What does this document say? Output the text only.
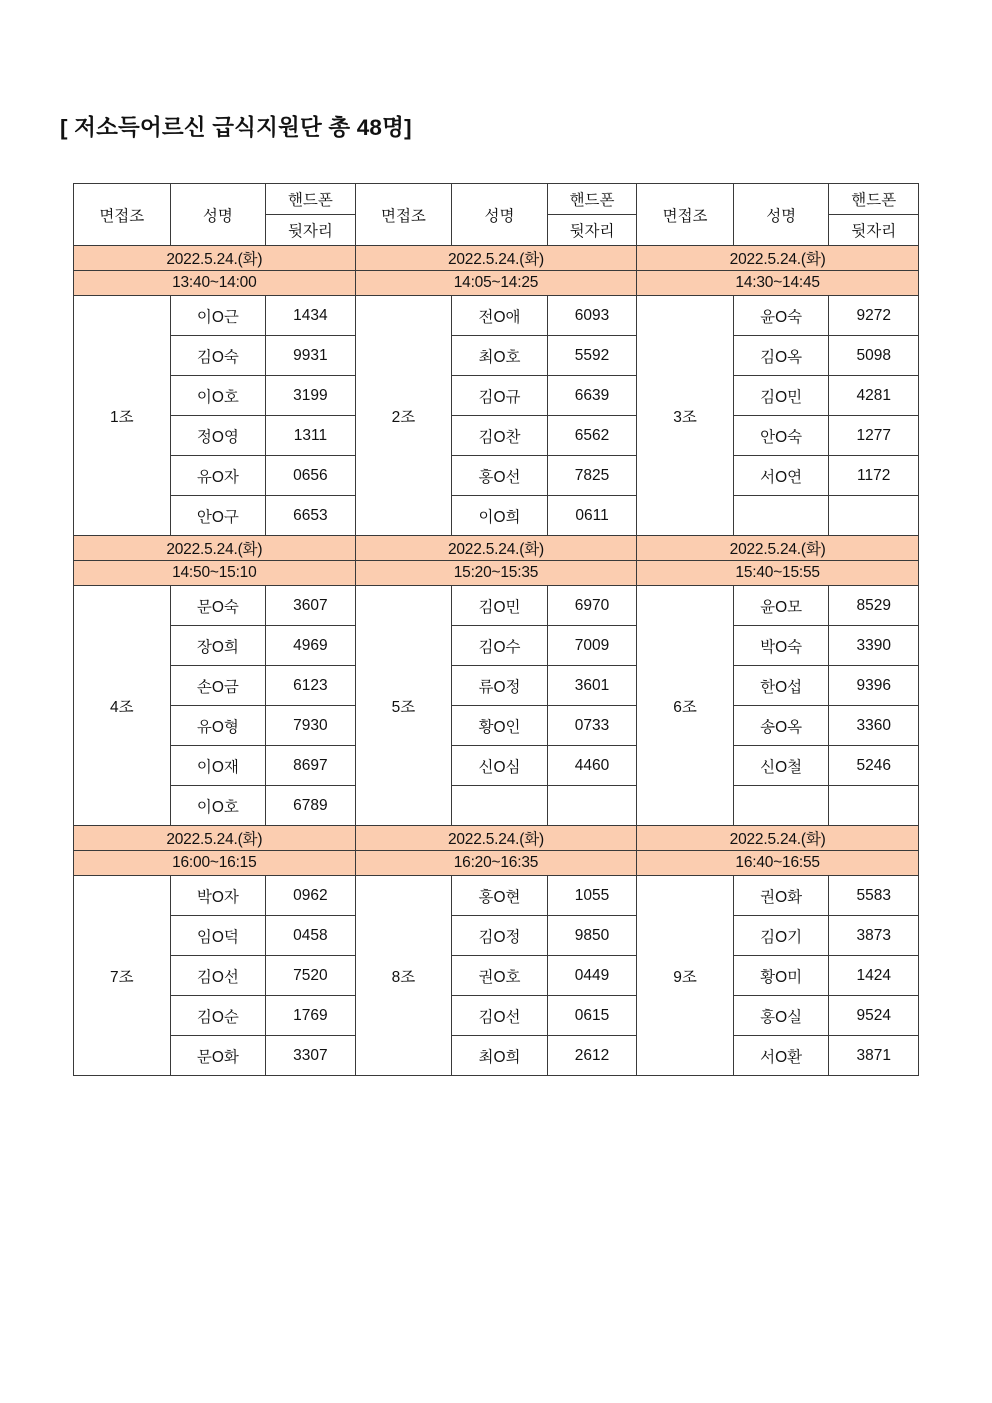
[ 저소득어르신 급식지원단 총 48명]
면접조	성명	핸드폰	면접조	성명	핸드폰	면접조	성명	핸드폰
		뒷자리			뒷자리			뒷자리
2022.5.24.(화)			2022.5.24.(화)			2022.5.24.(화)		
13:40~14:00			14:05~14:25			14:30~14:45		
1조	이O근	1434	2조	전O애	6093	3조	윤O숙	9272
	김O숙	9931		최O호	5592		김O옥	5098
	이O호	3199		김O규	6639		김O민	4281
	정O영	1311		김O찬	6562		안O숙	1277
	유O자	0656		홍O선	7825		서O연	1172
	안O구	6653		이O희	0611			
2022.5.24.(화)			2022.5.24.(화)			2022.5.24.(화)		
14:50~15:10			15:20~15:35			15:40~15:55		
4조	문O숙	3607	5조	김O민	6970	6조	윤O모	8529
	장O희	4969		김O수	7009		박O숙	3390
	손O금	6123		류O정	3601		한O섭	9396
	유O형	7930		황O인	0733		송O옥	3360
	이O재	8697		신O심	4460		신O철	5246
	이O호	6789						
2022.5.24.(화)			2022.5.24.(화)			2022.5.24.(화)		
16:00~16:15			16:20~16:35			16:40~16:55		
7조	박O자	0962	8조	홍O현	1055	9조	권O화	5583
	임O덕	0458		김O정	9850		김O기	3873
	김O선	7520		권O호	0449		황O미	1424
	김O순	1769		김O선	0615		홍O실	9524
	문O화	3307		최O희	2612		서O환	3871
